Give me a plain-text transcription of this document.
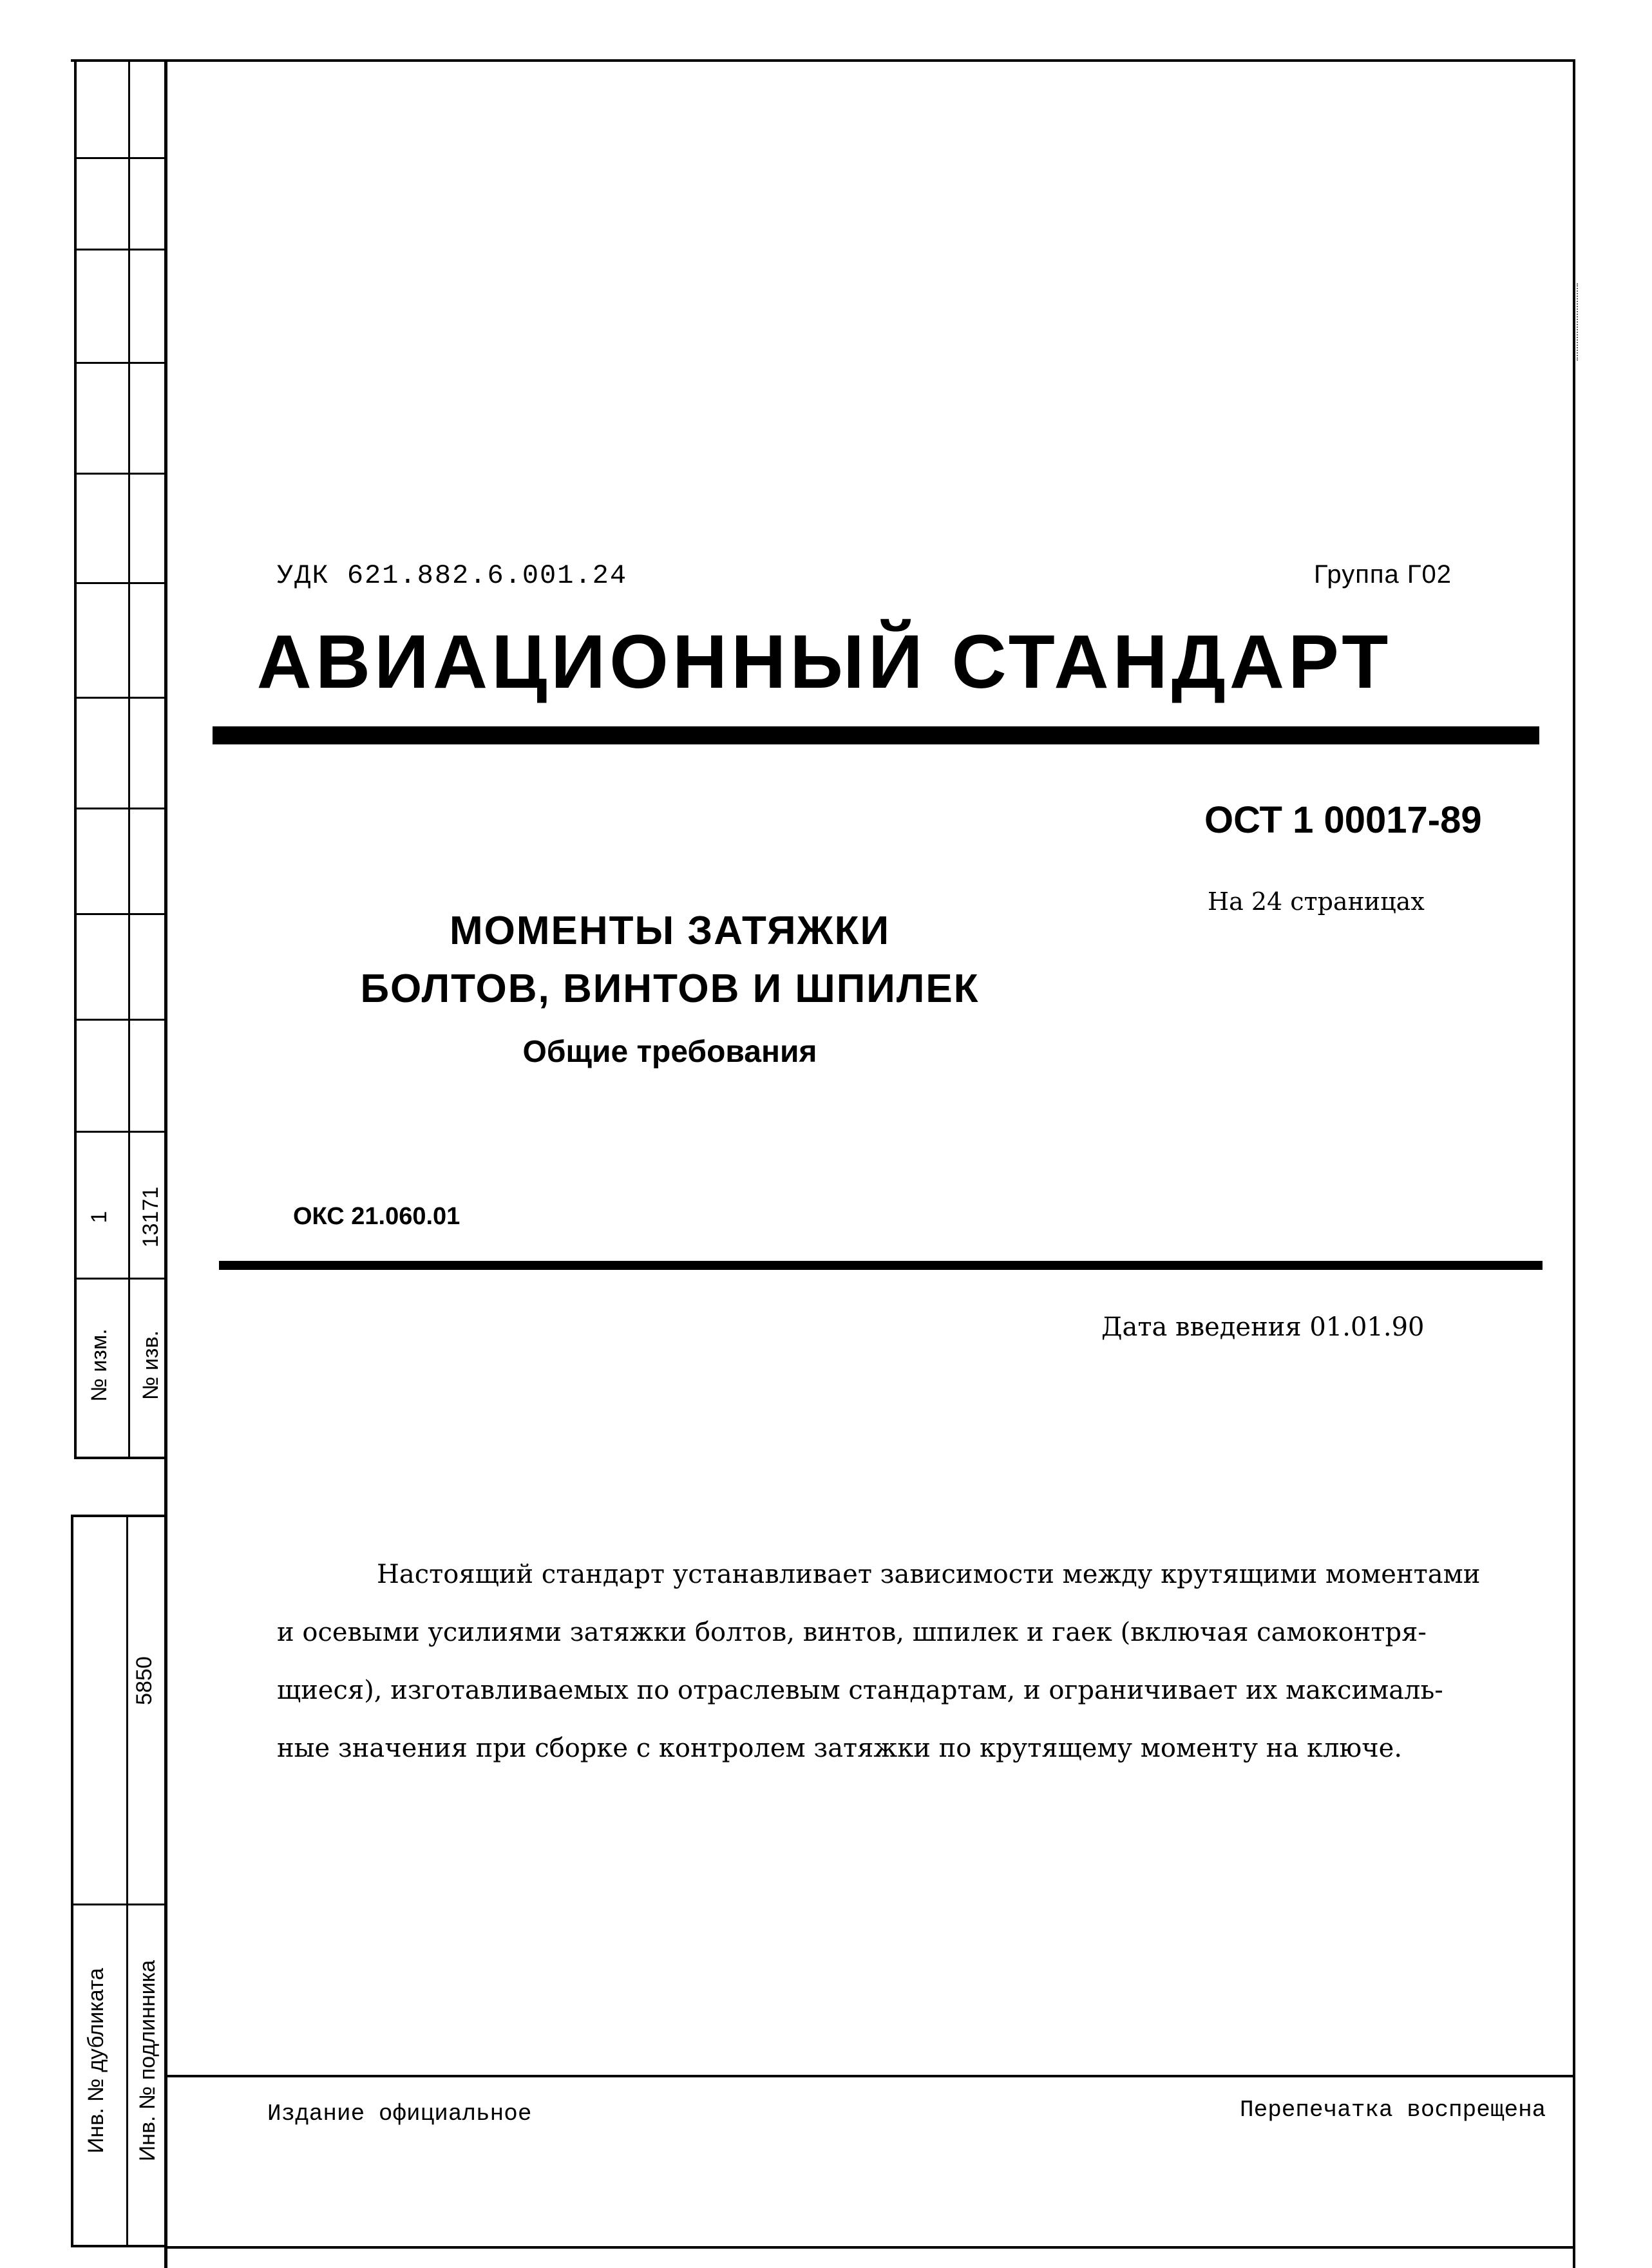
1 13171
№ изм. № изв.
5850
Инв. № дубликата Инв. № подлинника
УДК 621.882.6.001.24	Группа Г02
АВИАЦИОННЫЙ СТАНДАРТ
ОСТ 1 00017-89
На 24 страницах
МОМЕНТЫ ЗАТЯЖКИ
БОЛТОВ, ВИНТОВ И ШПИЛЕК
Общие требования
ОКС 21.060.01
Дата введения 01.01.90

Настоящий стандарт устанавливает зависимости между крутящими моментами

и осевыми усилиями затяжки болтов, винтов, шпилек и гаек (включая самоконтря-

щиеся), изготавливаемых по отраслевым стандартам, и ограничивает их максималь-

ные значения при сборке с контролем затяжки по крутящему моменту на ключе.

Издание официальное	Перепечатка воспрещена
